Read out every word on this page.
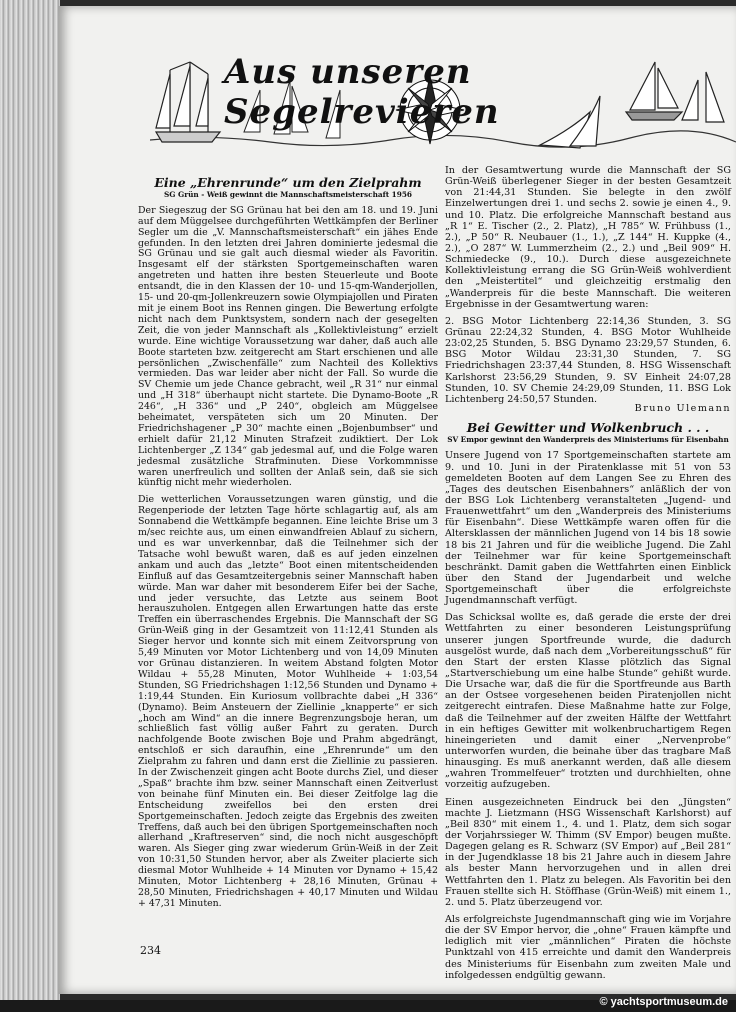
Aus unseren Segelrevieren
Eine „Ehrenrunde“ um den Zielprahm
SG Grün - Weiß gewinnt die Mannschaftsmeisterschaft 1956

Der Siegeszug der SG Grünau hat bei den am 18. und 19. Juni auf dem Müggelsee durchgeführten Wettkämpfen der Berliner Segler um die „V. Mannschaftsmeisterschaft“ ein jähes Ende gefunden. In den letzten drei Jahren dominierte jedesmal die SG Grünau und sie galt auch diesmal wieder als Favoritin. Insgesamt elf der stärksten Sportgemeinschaften waren angetreten und hatten ihre besten Steuerleute und Boote entsandt, die in den Klassen der 10- und 15-qm-Wanderjollen, 15- und 20-qm-Jollenkreuzern sowie Olympiajollen und Piraten mit je einem Boot ins Rennen gingen. Die Bewertung erfolgte nicht nach dem Punktsystem, sondern nach der gesegelten Zeit, die von jeder Mannschaft als „Kollektivleistung“ erzielt wurde. Eine wichtige Voraussetzung war daher, daß auch alle Boote starteten bzw. zeitgerecht am Start erschienen und alle persönlichen „Zwischenfälle“ zum Nachteil des Kollektivs vermieden. Das war leider aber nicht der Fall. So wurde die SV Chemie um jede Chance gebracht, weil „R 31“ nur einmal und „H 318“ überhaupt nicht startete. Die Dynamo-Boote „R 246“, „H 336“ und „P 240“, obgleich am Müggelsee beheimatet, verspäteten sich um 20 Minuten. Der Friedrichshagener „P 30“ machte einen „Bojenbumbser“ und erhielt dafür 21,12 Minuten Strafzeit zudiktiert. Der Lok Lichtenberger „Z 134“ gab jedesmal auf, und die Folge waren jedesmal zusätzliche Strafminuten. Diese Vorkommnisse waren unerfreulich und sollten der Anlaß sein, daß sie sich künftig nicht mehr wiederholen.

Die wetterlichen Voraussetzungen waren günstig, und die Regenperiode der letzten Tage hörte schlagartig auf, als am Sonnabend die Wettkämpfe begannen. Eine leichte Brise um 3 m/sec reichte aus, um einen einwandfreien Ablauf zu sichern, und es war unverkennbar, daß die Teilnehmer sich der Tatsache wohl bewußt waren, daß es auf jeden einzelnen ankam und auch das „letzte“ Boot einen mitentscheidenden Einfluß auf das Gesamtzeitergebnis seiner Mannschaft haben würde. Man war daher mit besonderem Eifer bei der Sache, und jeder versuchte, das Letzte aus seinem Boot herauszuholen. Entgegen allen Erwartungen hatte das erste Treffen ein überraschendes Ergebnis. Die Mannschaft der SG Grün-Weiß ging in der Gesamtzeit von 11:12,41 Stunden als Sieger hervor und konnte sich mit einem Zeitvorsprung von 5,49 Minuten vor Motor Lichtenberg und von 14,09 Minuten vor Grünau distanzieren. In weitem Abstand folgten Motor Wildau + 55,28 Minuten, Motor Wuhlheide + 1:03,54 Stunden, SG Friedrichshagen 1:12,56 Stunden und Dynamo + 1:19,44 Stunden. Ein Kuriosum vollbrachte dabei „H 336“ (Dynamo). Beim Ansteuern der Ziellinie „knapperte“ er sich „hoch am Wind“ an die innere Begrenzungsboje heran, um schließlich fast völlig außer Fahrt zu geraten. Durch nachfolgende Boote zwischen Boje und Prahm abgedrängt, entschloß er sich daraufhin, eine „Ehrenrunde“ um den Zielprahm zu fahren und dann erst die Ziellinie zu passieren. In der Zwischenzeit gingen acht Boote durchs Ziel, und dieser „Spaß“ brachte ihm bzw. seiner Mannschaft einen Zeitverlust von beinahe fünf Minuten ein. Bei dieser Zeitfolge lag die Entscheidung zweifellos bei den ersten drei Sportgemeinschaften. Jedoch zeigte das Ergebnis des zweiten Treffens, daß auch bei den übrigen Sportgemeinschaften noch allerhand „Kraftreserven“ sind, die noch nicht ausgeschöpft waren. Als Sieger ging zwar wiederum Grün-Weiß in der Zeit von 10:31,50 Stunden hervor, aber als Zweiter placierte sich diesmal Motor Wuhlheide + 14 Minuten vor Dynamo + 15,42 Minuten, Motor Lichtenberg + 28,16 Minuten, Grünau + 28,50 Minuten, Friedrichshagen + 40,17 Minuten und Wildau + 47,31 Minuten.

In der Gesamtwertung wurde die Mannschaft der SG Grün-Weiß überlegener Sieger in der besten Gesamtzeit von 21:44,31 Stunden. Sie belegte in den zwölf Einzelwertungen drei 1. und sechs 2. sowie je einen 4., 9. und 10. Platz. Die erfolgreiche Mannschaft bestand aus „R 1“ E. Tischer (2., 2. Platz), „H 785“ W. Frühbuss (1., 2.), „P 50“ R. Neubauer (1., 1.), „Z 144“ H. Kuppke (4., 2.), „O 287“ W. Lummerzheim (2., 2.) und „Beil 909“ H. Schmiedecke (9., 10.). Durch diese ausgezeichnete Kollektivleistung errang die SG Grün-Weiß wohlverdient den „Meistertitel“ und gleichzeitig erstmalig den „Wanderpreis für die beste Mannschaft. Die weiteren Ergebnisse in der Gesamtwertung waren:

2. BSG Motor Lichtenberg 22:14,36 Stunden, 3. SG Grünau 22:24,32 Stunden, 4. BSG Motor Wuhlheide 23:02,25 Stunden, 5. BSG Dynamo 23:29,57 Stunden, 6. BSG Motor Wildau 23:31,30 Stunden, 7. SG Friedrichshagen 23:37,44 Stunden, 8. HSG Wissenschaft Karlshorst 23:56,29 Stunden, 9. SV Einheit 24:07,28 Stunden, 10. SV Chemie 24:29,09 Stunden, 11. BSG Lok Lichtenberg 24:50,57 Stunden.

Bruno Ulemann
Bei Gewitter und Wolkenbruch . . .
SV Empor gewinnt den Wanderpreis des Ministeriums für Eisenbahn

Unsere Jugend von 17 Sportgemeinschaften startete am 9. und 10. Juni in der Piratenklasse mit 51 von 53 gemeldeten Booten auf dem Langen See zu Ehren des „Tages des deutschen Eisenbahners“ anläßlich der von der BSG Lok Lichtenberg veranstalteten „Jugend- und Frauenwettfahrt“ um den „Wanderpreis des Ministeriums für Eisenbahn“. Diese Wettkämpfe waren offen für die Altersklassen der männlichen Jugend von 14 bis 18 sowie 18 bis 21 Jahren und für die weibliche Jugend. Die Zahl der Teilnehmer war für keine Sportgemeinschaft beschränkt. Damit gaben die Wettfahrten einen Einblick über den Stand der Jugendarbeit und welche Sportgemeinschaft über die erfolgreichste Jugendmannschaft verfügt.

Das Schicksal wollte es, daß gerade die erste der drei Wettfahrten zu einer besonderen Leistungsprüfung unserer jungen Sportfreunde wurde, die dadurch ausgelöst wurde, daß nach dem „Vorbereitungsschuß“ für den Start der ersten Klasse plötzlich das Signal „Startverschiebung um eine halbe Stunde“ gehißt wurde. Die Ursache war, daß die für die Sportfreunde aus Barth an der Ostsee vorgesehenen beiden Piratenjollen nicht zeitgerecht eintrafen. Diese Maßnahme hatte zur Folge, daß die Teilnehmer auf der zweiten Hälfte der Wettfahrt in ein heftiges Gewitter mit wolkenbruchartigem Regen hineingerieten und damit einer „Nervenprobe“ unterworfen wurden, die beinahe über das tragbare Maß hinausging. Es muß anerkannt werden, daß alle diesem „wahren Trommelfeuer“ trotzten und durchhielten, ohne vorzeitig aufzugeben.

Einen ausgezeichneten Eindruck bei den „Jüngsten“ machte J. Lietzmann (HSG Wissenschaft Karlshorst) auf „Beil 830“ mit einem 1., 4. und 1. Platz, dem sich sogar der Vorjahrssieger W. Thimm (SV Empor) beugen mußte. Dagegen gelang es R. Schwarz (SV Empor) auf „Beil 281“ in der Jugendklasse 18 bis 21 Jahre auch in diesem Jahre als bester Mann hervorzugehen und in allen drei Wettfahrten den 1. Platz zu belegen. Als Favoritin bei den Frauen stellte sich H. Stöffhase (Grün-Weiß) mit einem 1., 2. und 5. Platz überzeugend vor.

Als erfolgreichste Jugendmannschaft ging wie im Vorjahre die der SV Empor hervor, die „ohne“ Frauen kämpfte und lediglich mit vier „männlichen“ Piraten die höchste Punktzahl von 415 erreichte und damit den Wanderpreis des Ministeriums für Eisenbahn zum zweiten Male und infolgedessen endgültig gewann.

234
© yachtsportmuseum.de
